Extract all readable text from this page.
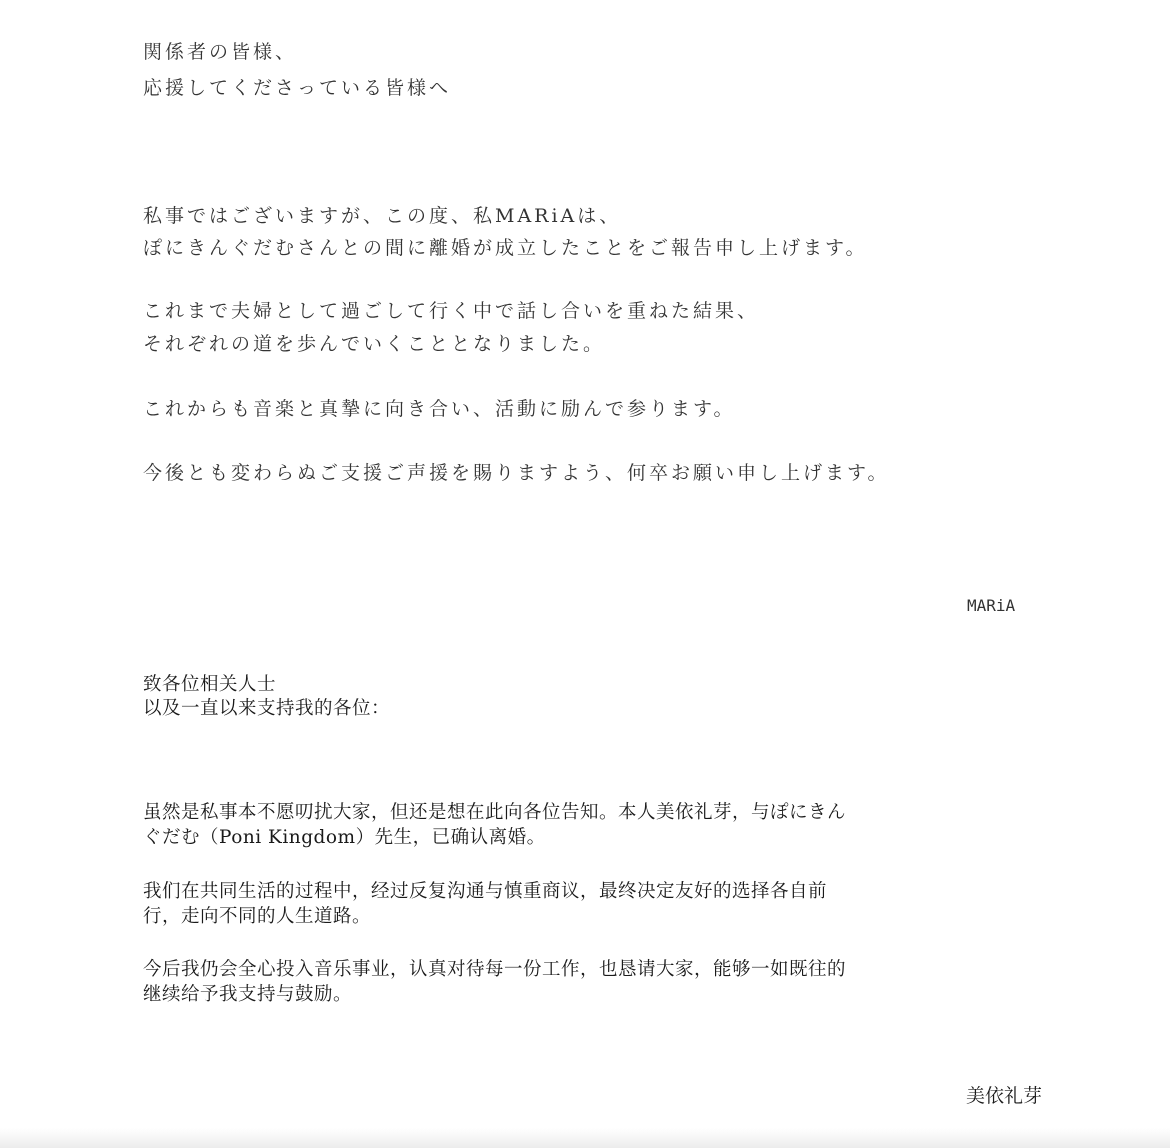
関係者の皆様、
応援してくださっている皆様へ
私事ではございますが、この度、私MARiAは、
ぽにきんぐだむさんとの間に離婚が成立したことをご報告申し上げます。
これまで夫婦として過ごして行く中で話し合いを重ねた結果、
それぞれの道を歩んでいくこととなりました。
これからも音楽と真摯に向き合い、活動に励んで参ります。
今後とも変わらぬご支援ご声援を賜りますよう、何卒お願い申し上げます。
MARiA
致各位相关人士
以及一直以来支持我的各位：
虽然是私事本不愿叨扰大家，但还是想在此向各位告知。本人美依礼芽，与ぽにきん
ぐだむ（Poni Kingdom）先生，已确认离婚。
我们在共同生活的过程中，经过反复沟通与慎重商议，最终决定友好的选择各自前
行，走向不同的人生道路。
今后我仍会全心投入音乐事业，认真对待每一份工作，也恳请大家，能够一如既往的
继续给予我支持与鼓励。
美依礼芽
